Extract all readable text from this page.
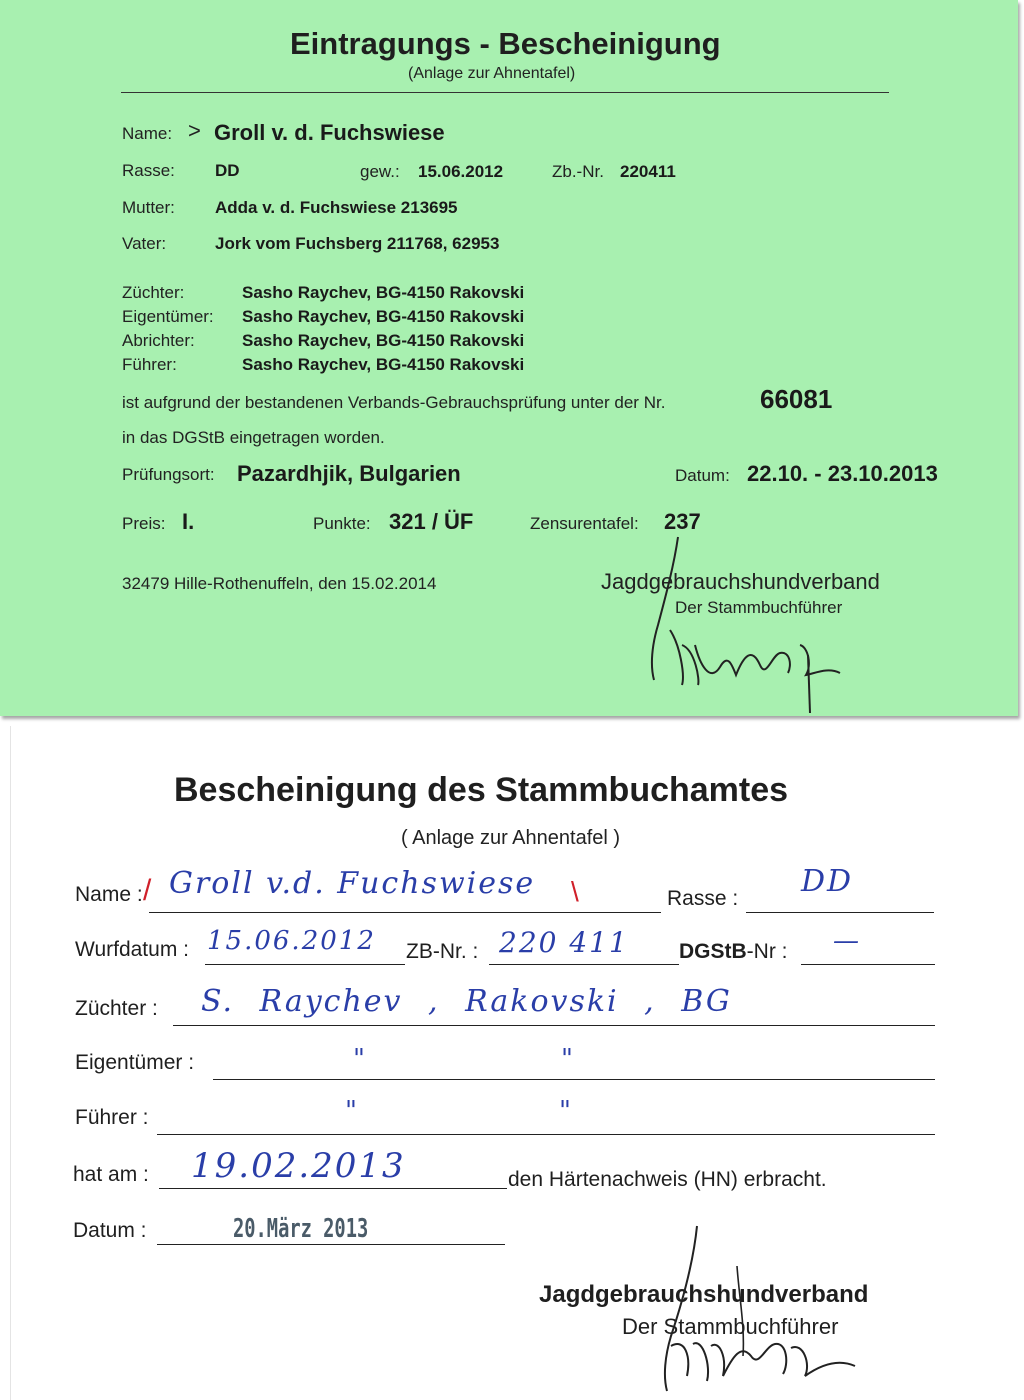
Eintragungs - Bescheinigung
(Anlage zur Ahnentafel)
Name: > Groll v. d. Fuchswiese
Rasse: DD	gew.: 15.06.2012	Zb.-Nr. 220411
Mutter: Adda v. d. Fuchswiese 213695
Vater:	Jork vom Fuchsberg 211768, 62953
Züchter:	Sasho Raychev, BG-4150 Rakovski
Eigentümer: Sasho Raychev, BG-4150 Rakovski
Abrichter:	Sasho Raychev, BG-4150 Rakovski
Führer:	Sasho Raychev, BG-4150 Rakovski
ist aufgrund der bestandenen Verbands-Gebrauchsprüfung unter der Nr.	66081
in das DGStB eingetragen worden.
Prüfungsort: Pazardhjik, Bulgarien	Datum: 22.10. - 23.10.2013
Preis: I.	Punkte: 321 / ÜF	Zensurentafel: 237
32479 Hille-Rothenuffeln, den 15.02.2014	Jagdgebrauchshundverband
Der Stammbuchführer
Bescheinigung des Stammbuchamtes
( Anlage zur Ahnentafel )
Name : / Groll v.d. Fuchswiese \	Rasse : DD
Wurfdatum : 15.06.2012 ZB-Nr. : 220 411 DGStB-Nr : —
Züchter : S. Raychev , Rakovski , BG
Eigentümer :	"	"
Führer :	"	"
hat am : 19.02.2013	den Härtenachweis (HN) erbracht.
Datum :	20.März 2013
Jagdgebrauchshundverband
Der Stammbuchführer
